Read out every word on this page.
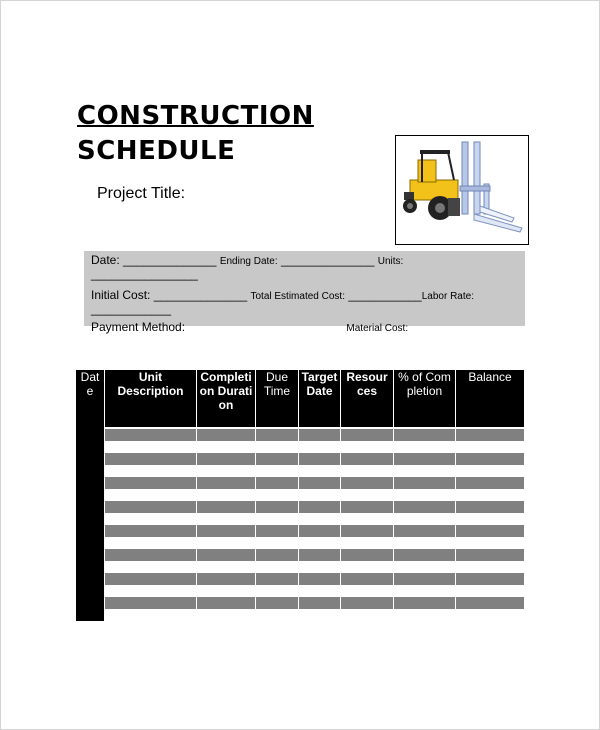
CONSTRUCTION
SCHEDULE
Project Title:
Date: ______________ Ending Date: ______________ Units:
________________
Initial Cost: ______________ Total Estimated Cost: ___________Labor Rate:
____________
Payment Method:	Material Cost:
Date	Unit Description	Completion Duration	Due Time	Target Date	Resources	% of Completion	Balance
